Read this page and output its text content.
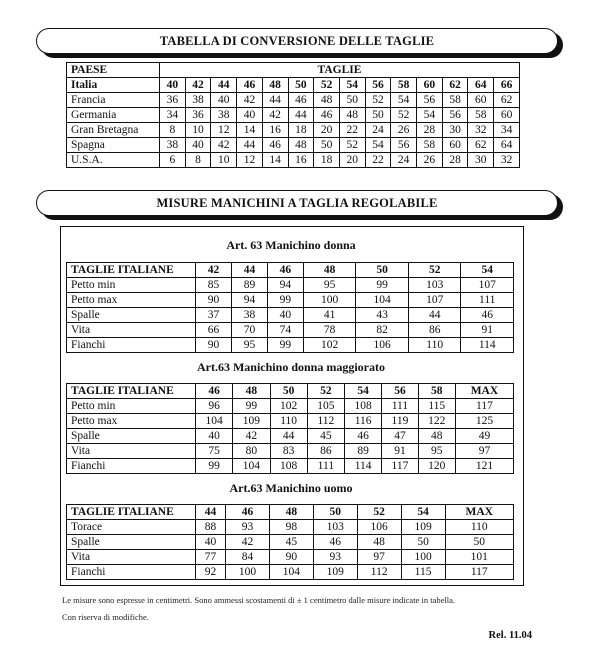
TABELLA DI CONVERSIONE DELLE TAGLIE
PAESE	TAGLIE													
Italia	40	42	44	46	48	50	52	54	56	58	60	62	64	66
Francia	36	38	40	42	44	46	48	50	52	54	56	58	60	62
Germania	34	36	38	40	42	44	46	48	50	52	54	56	58	60
Gran Bretagna	8	10	12	14	16	18	20	22	24	26	28	30	32	34
Spagna	38	40	42	44	46	48	50	52	54	56	58	60	62	64
U.S.A.	6	8	10	12	14	16	18	20	22	24	26	28	30	32
MISURE MANICHINI A TAGLIA REGOLABILE
Art. 63 Manichino donna
TAGLIE ITALIANE	42	44	46	48	50	52	54
Petto min	85	89	94	95	99	103	107
Petto max	90	94	99	100	104	107	111
Spalle	37	38	40	41	43	44	46
Vita	66	70	74	78	82	86	91
Fianchi	90	95	99	102	106	110	114
Art.63 Manichino donna maggiorato
TAGLIE ITALIANE	46	48	50	52	54	56	58	MAX
Petto min	96	99	102	105	108	111	115	117
Petto max	104	109	110	112	116	119	122	125
Spalle	40	42	44	45	46	47	48	49
Vita	75	80	83	86	89	91	95	97
Fianchi	99	104	108	111	114	117	120	121
Art.63 Manichino uomo
TAGLIE ITALIANE	44	46	48	50	52	54	MAX
Torace	88	93	98	103	106	109	110
Spalle	40	42	45	46	48	50	50
Vita	77	84	90	93	97	100	101
Fianchi	92	100	104	109	112	115	117
Le misure sono espresse in centimetri. Sono ammessi scostamenti di ± 1 centimetro dalle misure indicate in tabella.
Con riserva di modifiche.
Rel. 11.04
